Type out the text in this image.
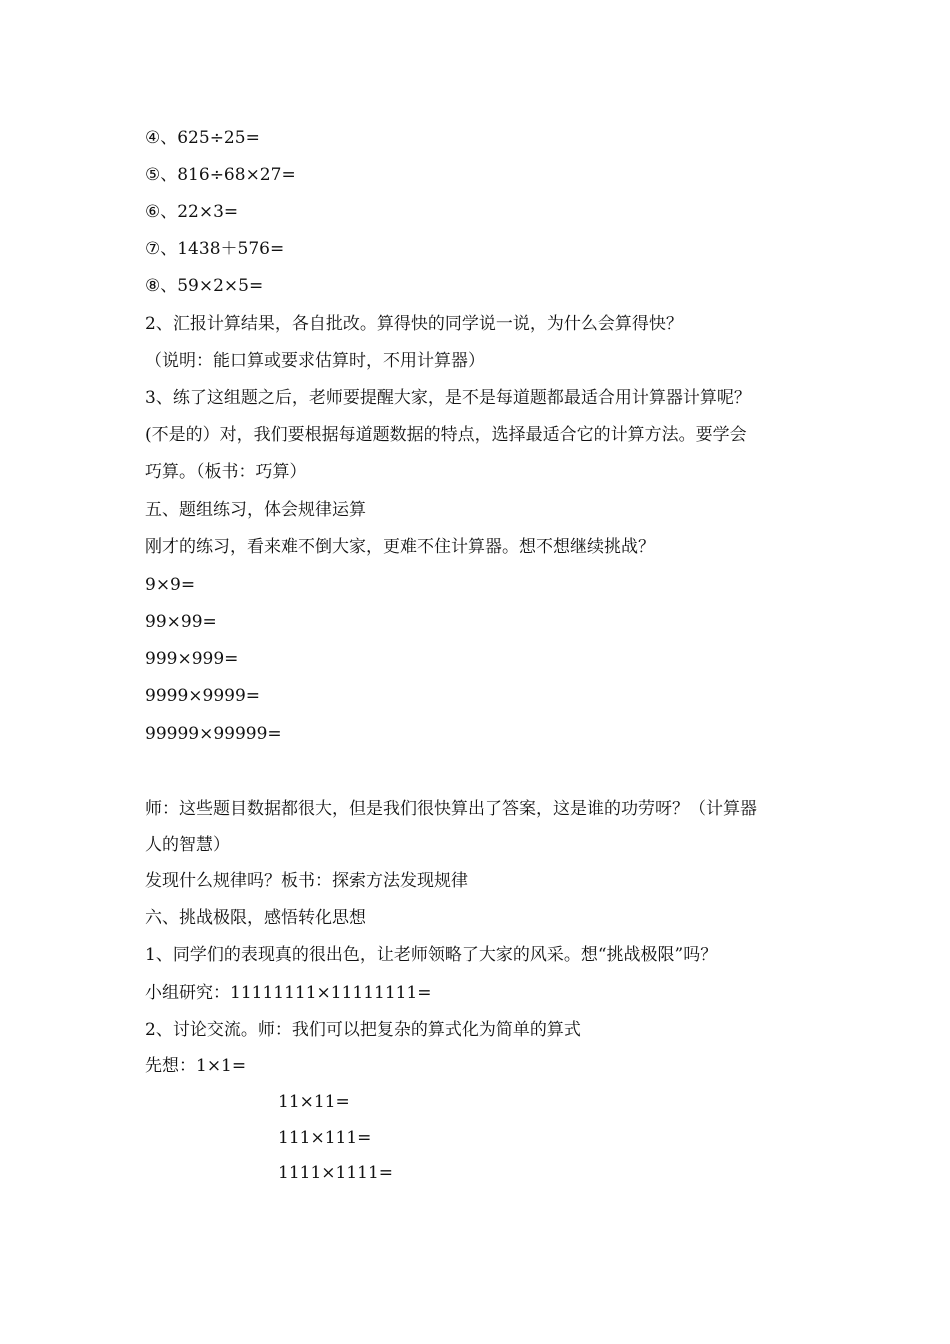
④、625÷25=
⑤、816÷68×27=
⑥、22×3=
⑦、1438＋576=
⑧、59×2×5=
2、汇报计算结果，各自批改。算得快的同学说一说，为什么会算得快？
（说明：能口算或要求估算时，不用计算器）
3、练了这组题之后，老师要提醒大家，是不是每道题都最适合用计算器计算呢？
(不是的）对，我们要根据每道题数据的特点，选择最适合它的计算方法。要学会
巧算。（板书：巧算）
五、题组练习，体会规律运算
刚才的练习，看来难不倒大家，更难不住计算器。想不想继续挑战？
9×9=
99×99=
999×999=
9999×9999=
99999×99999=
师：这些题目数据都很大，但是我们很快算出了答案，这是谁的功劳呀？（计算器
人的智慧）
发现什么规律吗？板书：探索方法发现规律
六、挑战极限，感悟转化思想
1、同学们的表现真的很出色，让老师领略了大家的风采。想“挑战极限”吗？
小组研究：11111111×11111111=
2、讨论交流。师：我们可以把复杂的算式化为简单的算式
先想：1×1=
11×11=
111×111=
1111×1111=
